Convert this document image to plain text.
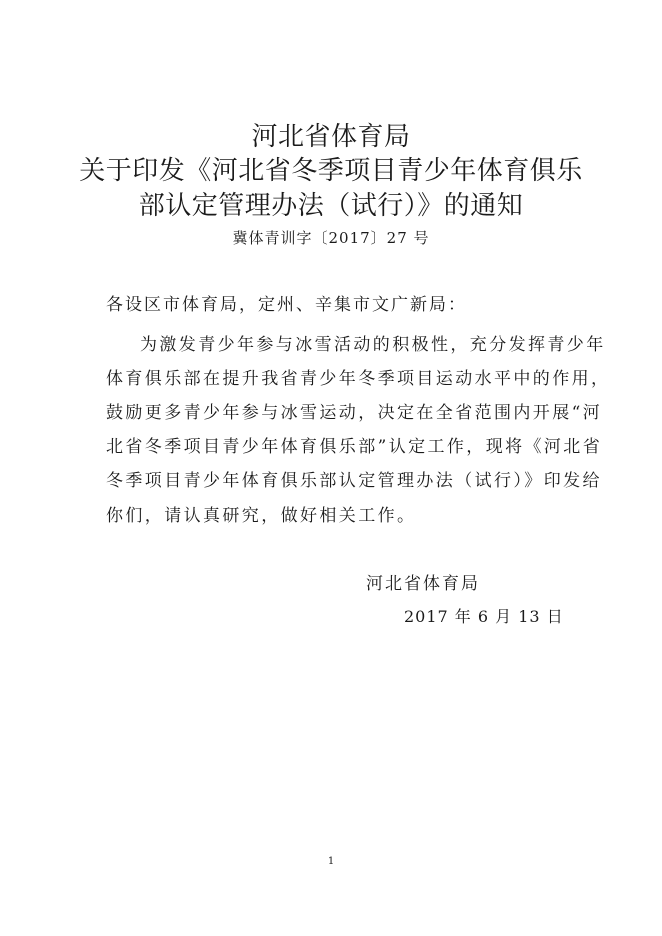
河北省体育局
关于印发《河北省冬季项目青少年体育俱乐
部认定管理办法（试行）》的通知
冀体青训字〔2017〕27 号
各设区市体育局，定州、辛集市文广新局：
为激发青少年参与冰雪活动的积极性，充分发挥青少年
体育俱乐部在提升我省青少年冬季项目运动水平中的作用，
鼓励更多青少年参与冰雪运动，决定在全省范围内开展“河
北省冬季项目青少年体育俱乐部”认定工作，现将《河北省
冬季项目青少年体育俱乐部认定管理办法（试行）》印发给
你们，请认真研究，做好相关工作。
河北省体育局
2017 年 6 月 13 日
1
